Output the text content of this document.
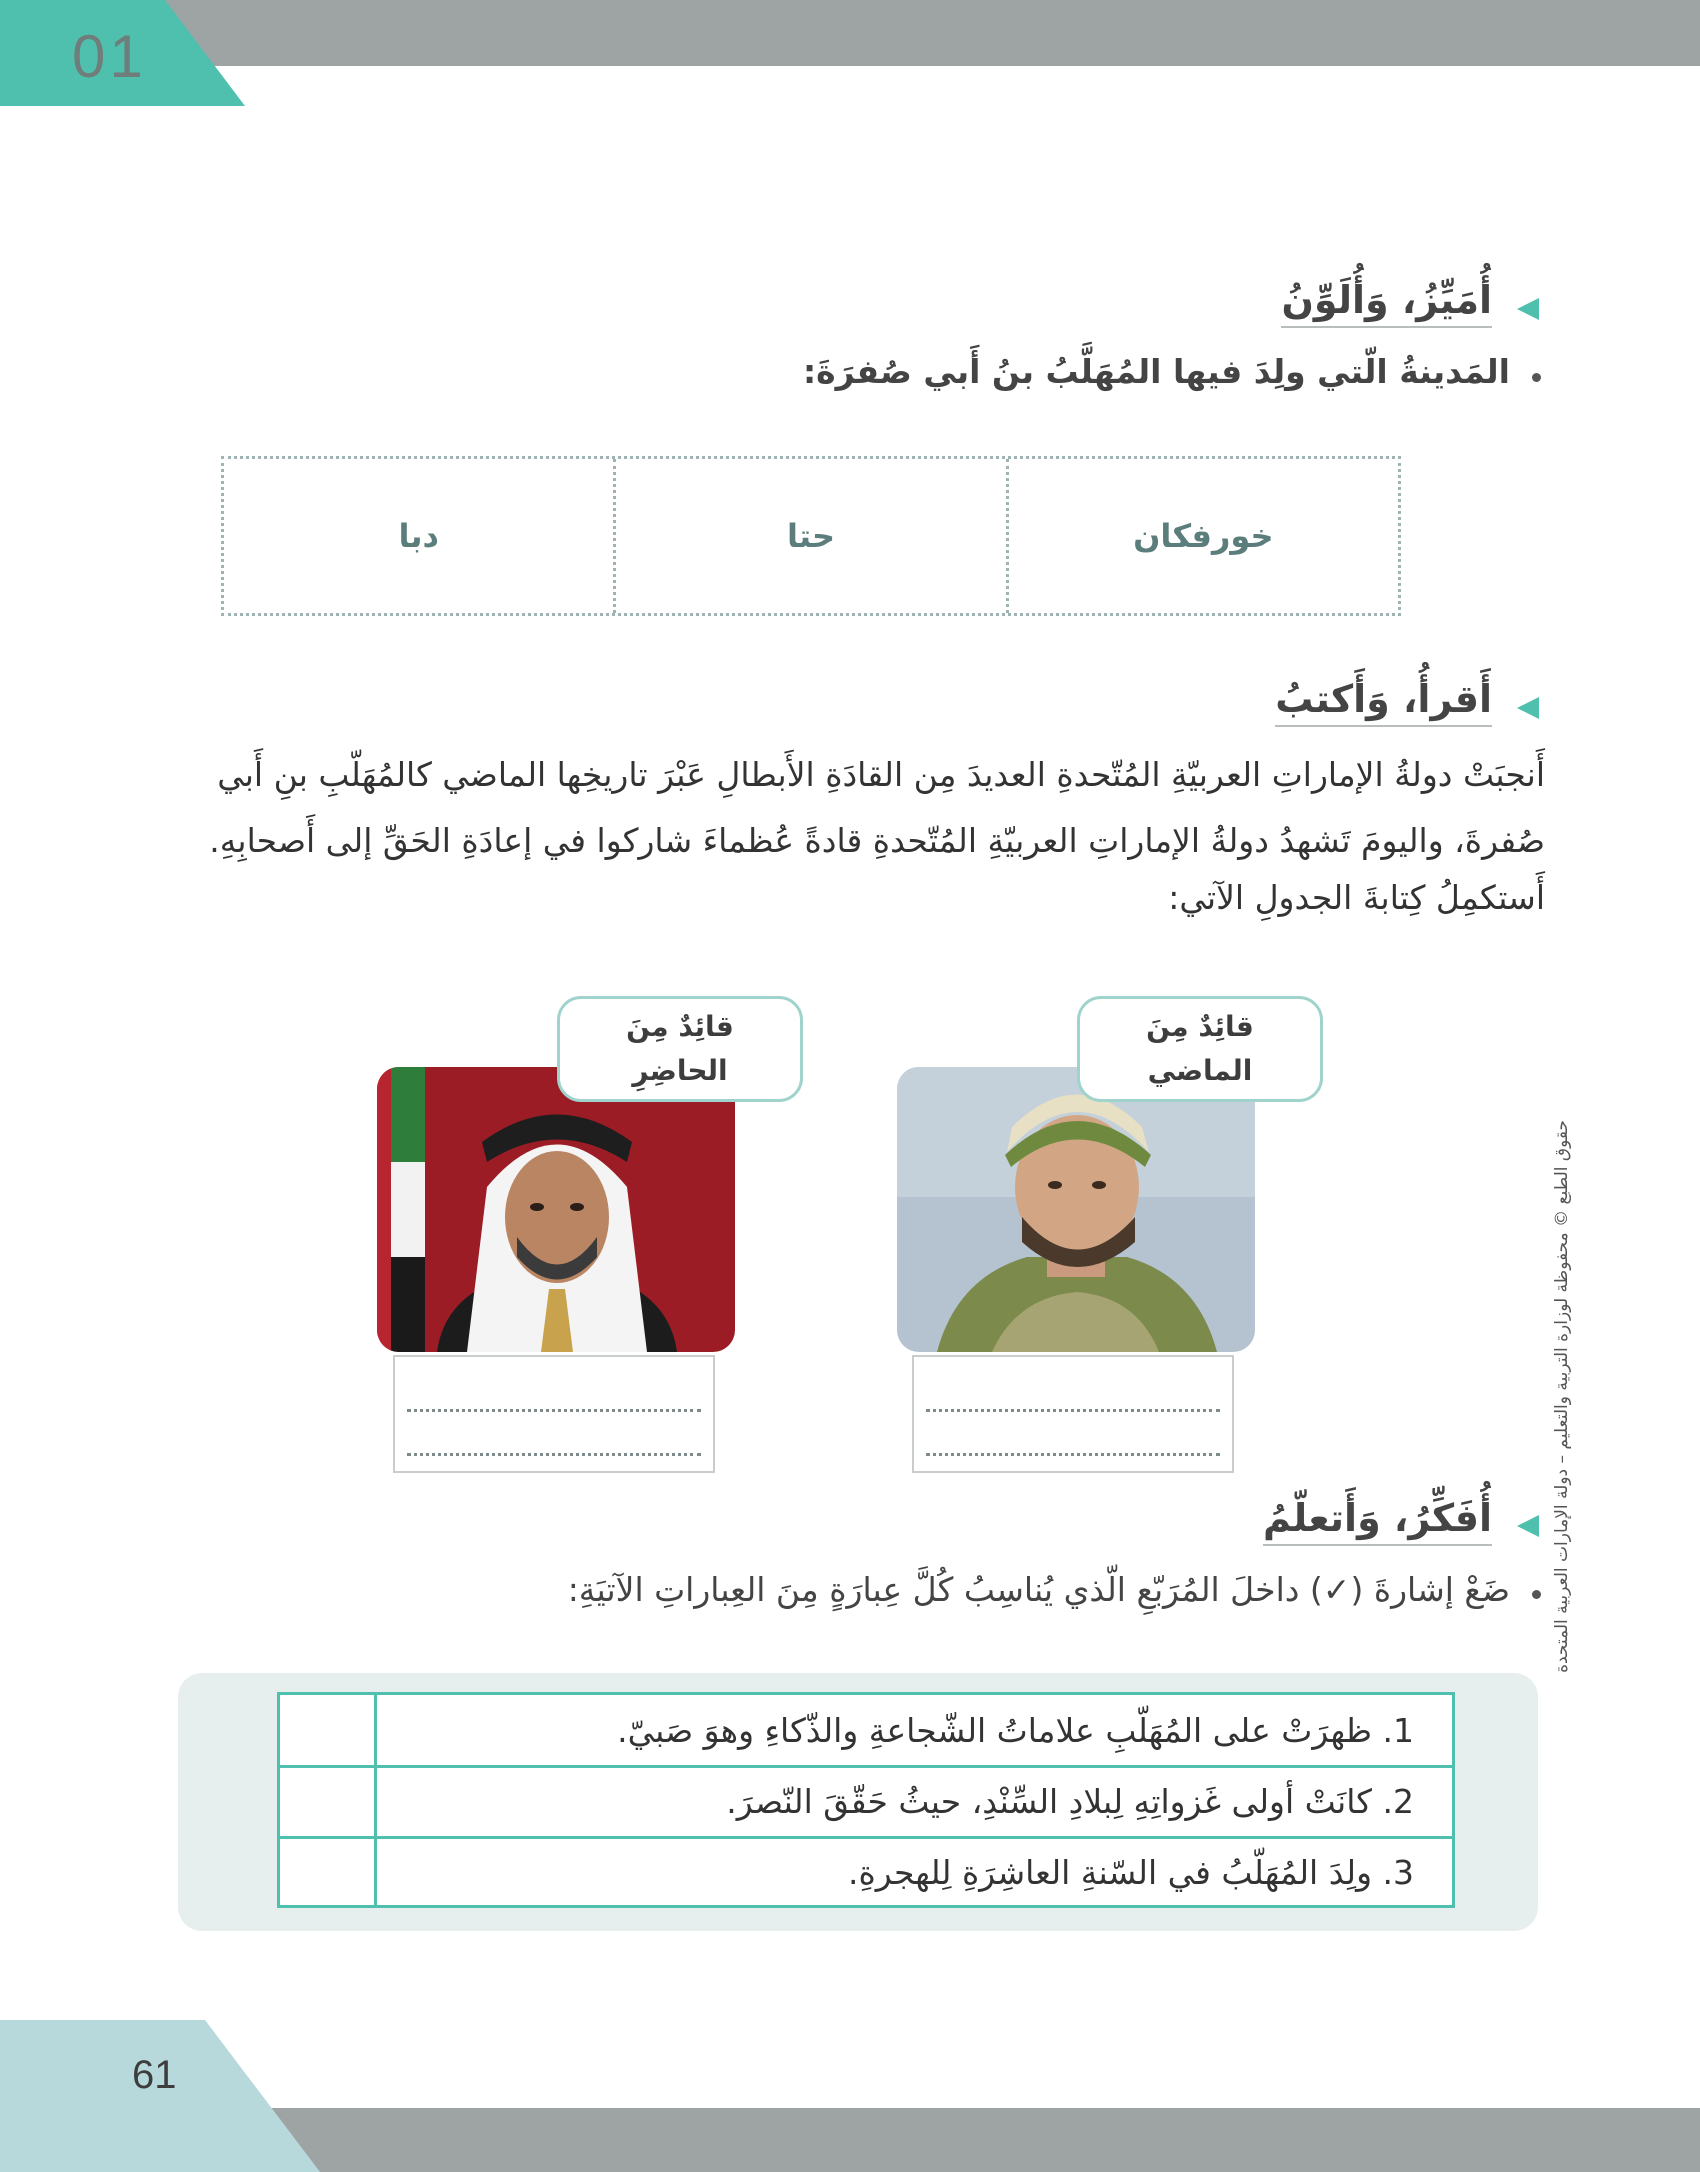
01
أُمَيِّزُ، وَأُلَوِّنُ
المَدينةُ الّتي ولِدَ فيها المُهَلَّبُ بنُ أَبي صُفرَةَ:
خورفكان
حتا
دبا
أَقرأُ، وَأَكتبُ
أَنجبَتْ دولةُ الإماراتِ العربيّةِ المُتّحدةِ العديدَ مِن القادَةِ الأَبطالِ عَبْرَ تاريخِها الماضي كالمُهَلّبِ بنِ أَبي
صُفرةَ، واليومَ تَشهدُ دولةُ الإماراتِ العربيّةِ المُتّحدةِ قادةً عُظماءَ شاركوا في إعادَةِ الحَقِّ إلى أَصحابِهِ.
أَستكمِلُ كِتابةَ الجدولِ الآتي:
قائِدٌ مِنَ
الماضي
قائِدٌ مِنَ
الحاضِرِ
أُفَكِّرُ، وَأَتعلّمُ
ضَعْ إشارةَ (✓) داخلَ المُرَبّعِ الّذي يُناسِبُ كُلَّ عِبارَةٍ مِنَ العِباراتِ الآتيَةِ:
1. ظهرَتْ على المُهَلّبِ علاماتُ الشّجاعةِ والذّكاءِ وهوَ صَبيّ.
2. كانَتْ أولى غَزواتِهِ لِبلادِ السِّنْدِ، حيثُ حَقّقَ النّصرَ.
3. ولِدَ المُهَلّبُ في السّنةِ العاشِرَةِ لِلهجرةِ.
حقوق الطبع © محفوظة لوزارة التربية والتعليم – دولة الإمارات العربية المتحدة
61
